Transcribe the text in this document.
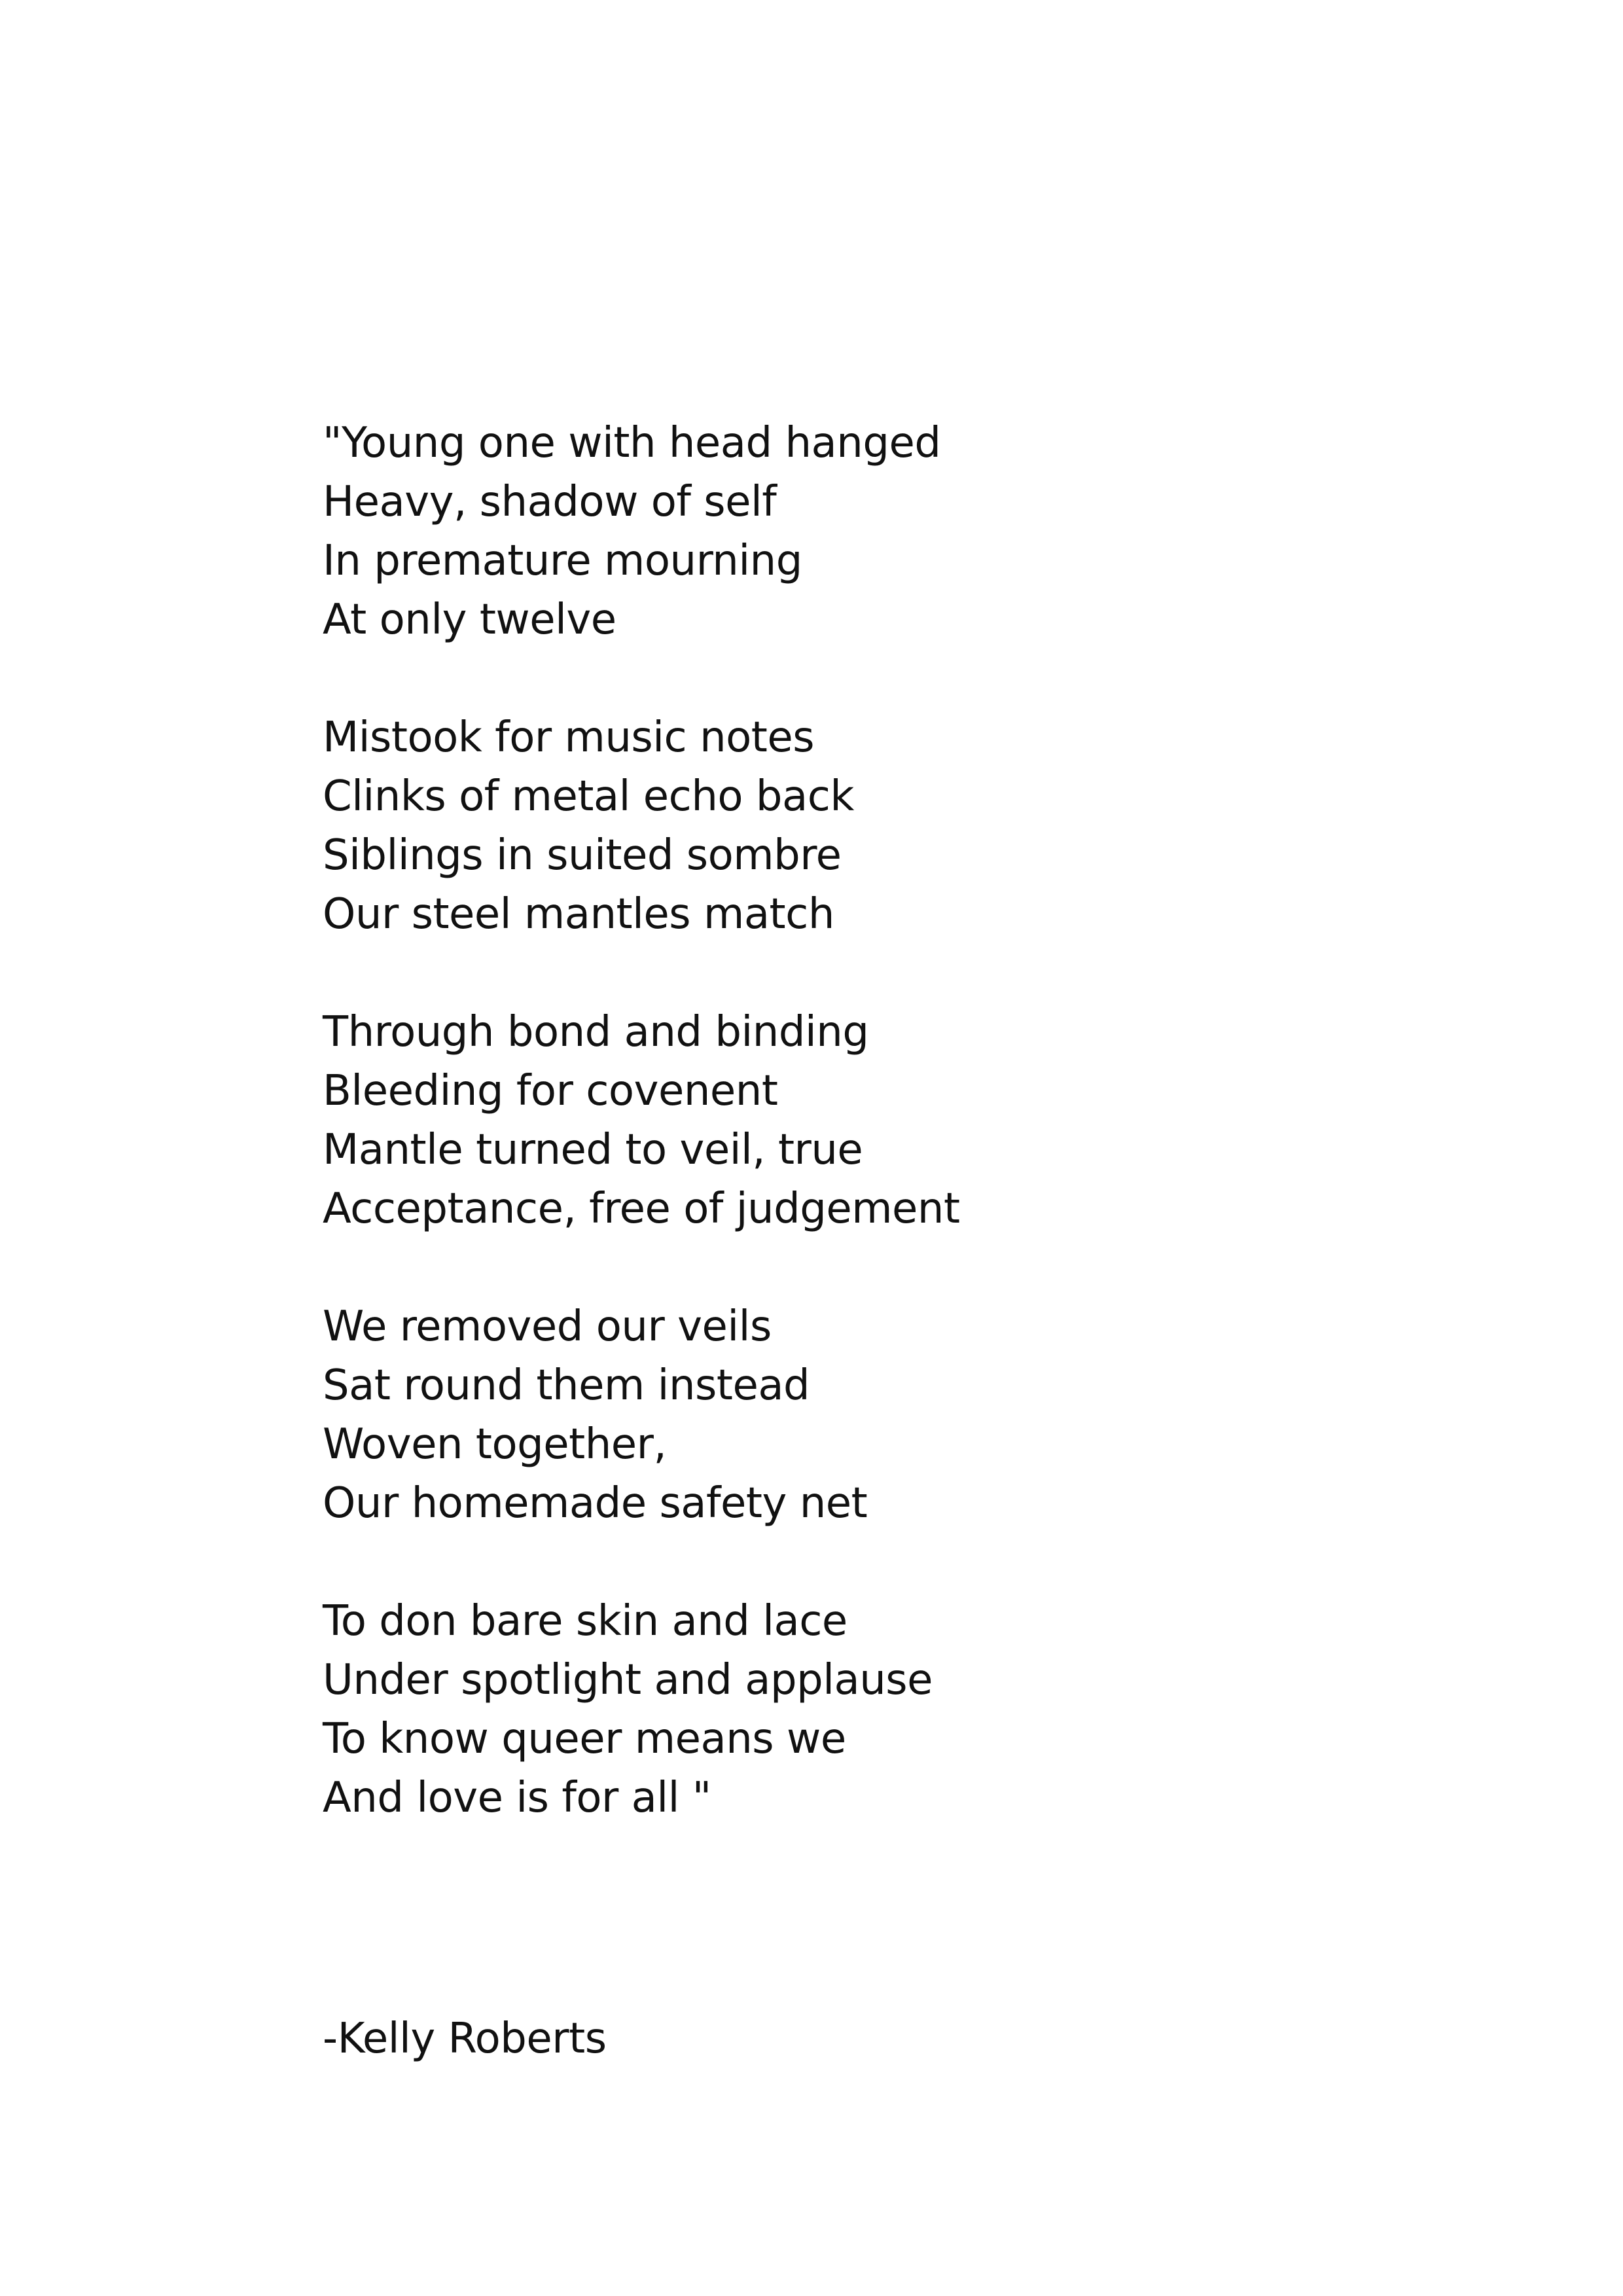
"Young one with head hanged
Heavy, shadow of self
In premature mourning
At only twelve
Mistook for music notes
Clinks of metal echo back
Siblings in suited sombre
Our steel mantles match
Through bond and binding
Bleeding for covenent
Mantle turned to veil, true
Acceptance, free of judgement
We removed our veils
Sat round them instead
Woven together,
Our homemade safety net
To don bare skin and lace
Under spotlight and applause
To know queer means we
And love is for all "
-Kelly Roberts
